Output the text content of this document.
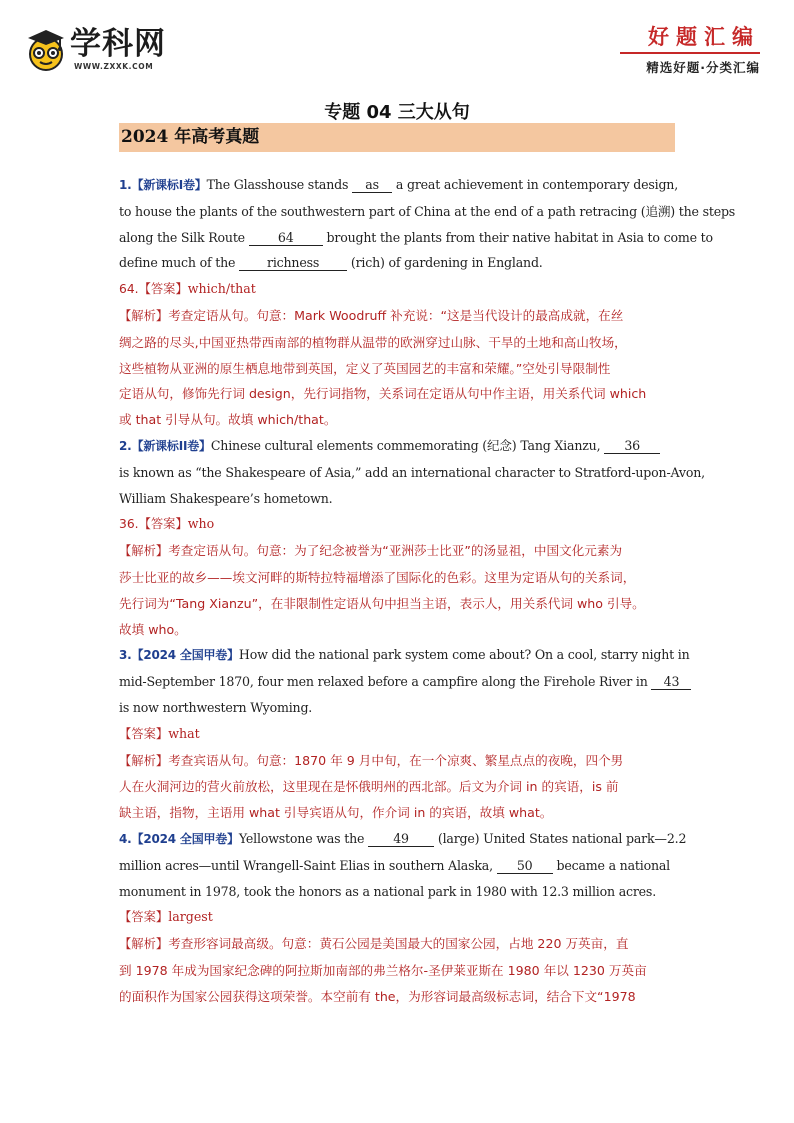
学科网
WWW.ZXXK.COM
好题汇编
精选好题·分类汇编
专题 04 三大从句
2024 年高考真题
1.【新课标Ⅰ卷】The Glasshouse stands as a great achievement in contemporary design,
to house the plants of the southwestern part of China at the end of a path retracing (追溯) the steps
along the Silk Route 64 brought the plants from their native habitat in Asia to come to
define much of the richness (rich) of gardening in England.
64.【答案】which/that
【解析】考查定语从句。句意：Mark Woodruff 补充说：“这是当代设计的最高成就，在丝
绸之路的尽头,中国亚热带西南部的植物群从温带的欧洲穿过山脉、干旱的土地和高山牧场，
这些植物从亚洲的原生栖息地带到英国，定义了英国园艺的丰富和荣耀。”空处引导限制性
定语从句，修饰先行词 design，先行词指物，关系词在定语从句中作主语，用关系代词 which
或 that 引导从句。故填 which/that。
2.【新课标ⅠⅠ卷】Chinese cultural elements commemorating (纪念) Tang Xianzu, 36
is known as “the Shakespeare of Asia,” add an international character to Stratford-upon-Avon,
William Shakespeare’s hometown.
36.【答案】who
【解析】考查定语从句。句意：为了纪念被誉为“亚洲莎士比亚”的汤显祖，中国文化元素为
莎士比亚的故乡——埃文河畔的斯特拉特福增添了国际化的色彩。这里为定语从句的关系词，
先行词为“Tang Xianzu”，在非限制性定语从句中担当主语，表示人，用关系代词 who 引导。
故填 who。
3.【2024 全国甲卷】How did the national park system come about? On a cool, starry night in
mid-September 1870, four men relaxed before a campfire along the Firehole River in 43
is now northwestern Wyoming.
【答案】what
【解析】考查宾语从句。句意：1870 年 9 月中旬，在一个凉爽、繁星点点的夜晚，四个男
人在火洞河边的营火前放松，这里现在是怀俄明州的西北部。后文为介词 in 的宾语，is 前
缺主语，指物，主语用 what 引导宾语从句，作介词 in 的宾语，故填 what。
4.【2024 全国甲卷】Yellowstone was the 49 (large) United States national park—2.2
million acres—until Wrangell-Saint Elias in southern Alaska, 50 became a national
monument in 1978, took the honors as a national park in 1980 with 12.3 million acres.
【答案】largest
【解析】考查形容词最高级。句意：黄石公园是美国最大的国家公园，占地 220 万英亩，直
到 1978 年成为国家纪念碑的阿拉斯加南部的弗兰格尔-圣伊莱亚斯在 1980 年以 1230 万英亩
的面积作为国家公园获得这项荣誉。本空前有 the，为形容词最高级标志词，结合下文“1978
